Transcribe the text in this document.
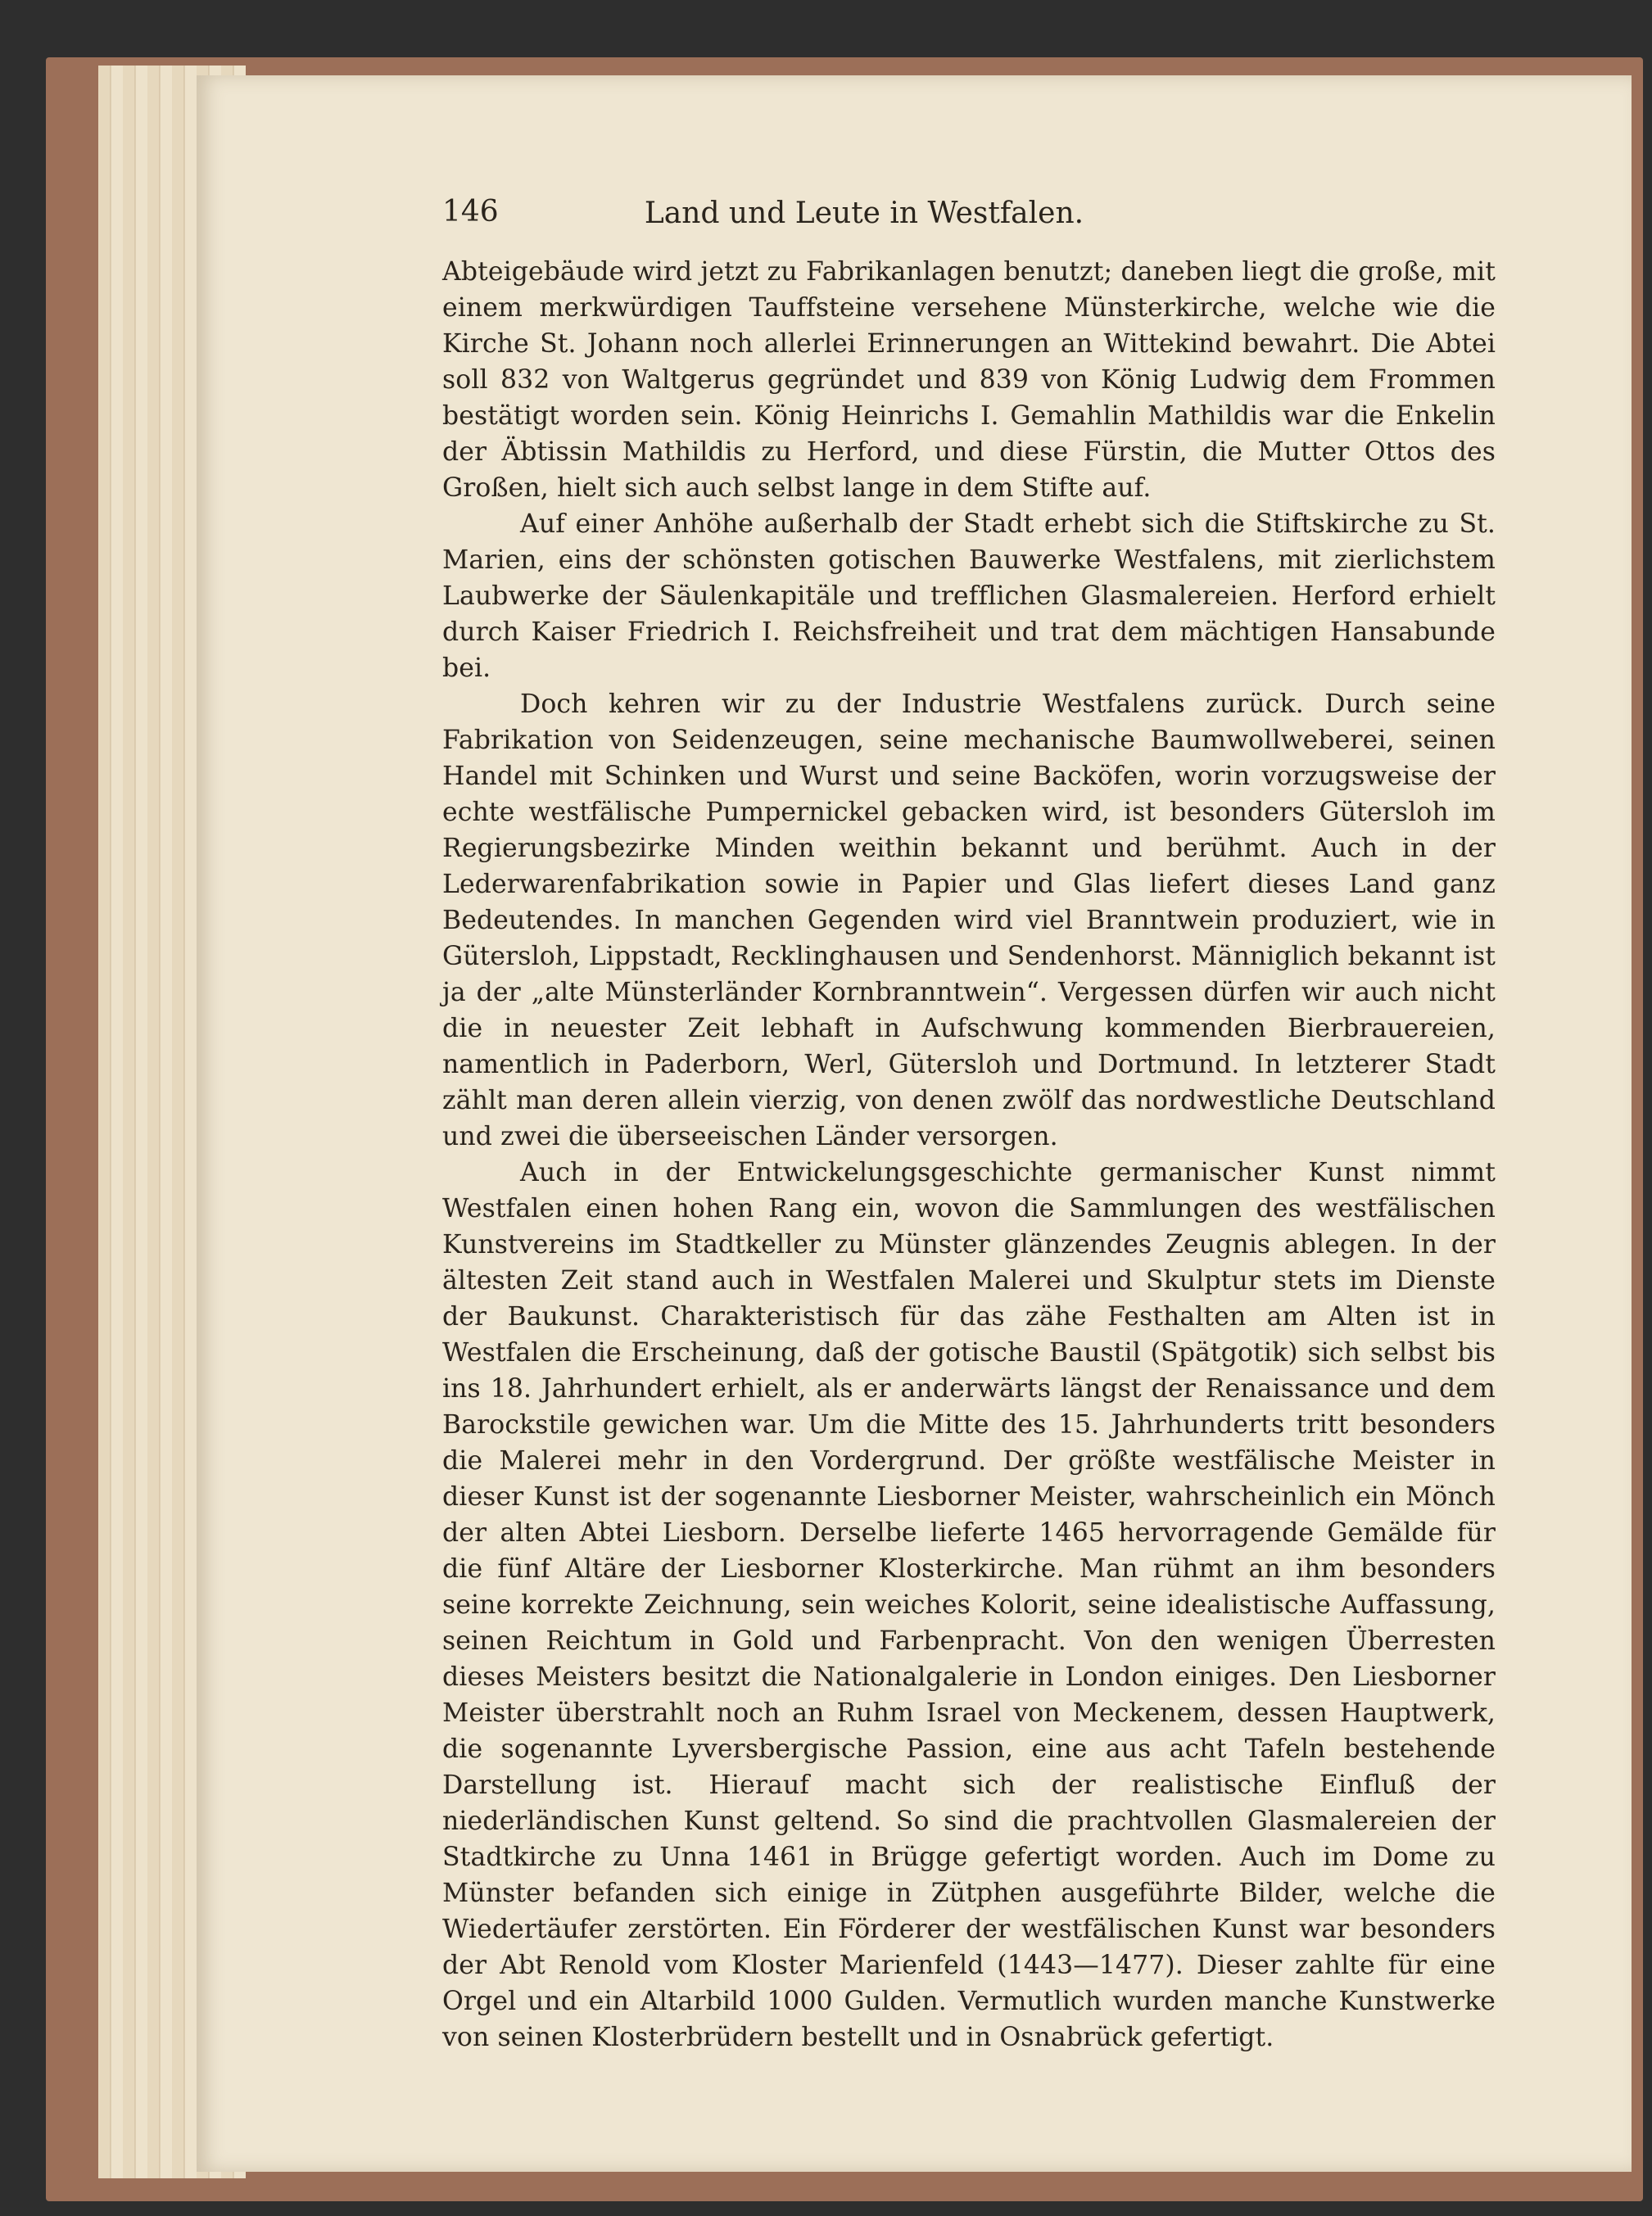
146	Land und Leute in Westfalen.

Abteigebäude wird jetzt zu Fabrikanlagen benutzt; daneben liegt die große, mit einem merkwürdigen Tauffsteine versehene Münsterkirche, welche wie die Kirche St. Johann noch allerlei Erinnerungen an Wittekind bewahrt. Die Abtei soll 832 von Waltgerus gegründet und 839 von König Ludwig dem Frommen bestätigt worden sein. König Heinrichs I. Gemahlin Mathildis war die Enkelin der Äbtissin Mathildis zu Herford, und diese Fürstin, die Mutter Ottos des Großen, hielt sich auch selbst lange in dem Stifte auf.

Auf einer Anhöhe außerhalb der Stadt erhebt sich die Stiftskirche zu St. Marien, eins der schönsten gotischen Bauwerke Westfalens, mit zierlichstem Laubwerke der Säulenkapitäle und trefflichen Glasmalereien. Herford erhielt durch Kaiser Friedrich I. Reichsfreiheit und trat dem mächtigen Hansabunde bei.

Doch kehren wir zu der Industrie Westfalens zurück. Durch seine Fabrikation von Seidenzeugen, seine mechanische Baumwollweberei, seinen Handel mit Schinken und Wurst und seine Backöfen, worin vorzugsweise der echte westfälische Pumpernickel gebacken wird, ist besonders Gütersloh im Regierungsbezirke Minden weithin bekannt und berühmt. Auch in der Lederwarenfabrikation sowie in Papier und Glas liefert dieses Land ganz Bedeutendes. In manchen Gegenden wird viel Branntwein produziert, wie in Gütersloh, Lippstadt, Recklinghausen und Sendenhorst. Männiglich bekannt ist ja der „alte Münsterländer Kornbranntwein“. Vergessen dürfen wir auch nicht die in neuester Zeit lebhaft in Aufschwung kommenden Bierbrauereien, namentlich in Paderborn, Werl, Gütersloh und Dortmund. In letzterer Stadt zählt man deren allein vierzig, von denen zwölf das nordwestliche Deutschland und zwei die überseeischen Länder versorgen.

Auch in der Entwickelungsgeschichte germanischer Kunst nimmt Westfalen einen hohen Rang ein, wovon die Sammlungen des westfälischen Kunstvereins im Stadtkeller zu Münster glänzendes Zeugnis ablegen. In der ältesten Zeit stand auch in Westfalen Malerei und Skulptur stets im Dienste der Baukunst. Charakteristisch für das zähe Festhalten am Alten ist in Westfalen die Erscheinung, daß der gotische Baustil (Spätgotik) sich selbst bis ins 18. Jahrhundert erhielt, als er anderwärts längst der Renaissance und dem Barockstile gewichen war. Um die Mitte des 15. Jahrhunderts tritt besonders die Malerei mehr in den Vordergrund. Der größte westfälische Meister in dieser Kunst ist der sogenannte Liesborner Meister, wahrscheinlich ein Mönch der alten Abtei Liesborn. Derselbe lieferte 1465 hervorragende Gemälde für die fünf Altäre der Liesborner Klosterkirche. Man rühmt an ihm besonders seine korrekte Zeichnung, sein weiches Kolorit, seine idealistische Auffassung, seinen Reichtum in Gold und Farbenpracht. Von den wenigen Überresten dieses Meisters besitzt die Nationalgalerie in London einiges. Den Liesborner Meister überstrahlt noch an Ruhm Israel von Meckenem, dessen Hauptwerk, die sogenannte Lyversbergische Passion, eine aus acht Tafeln bestehende Darstellung ist. Hierauf macht sich der realistische Einfluß der niederländischen Kunst geltend. So sind die prachtvollen Glasmalereien der Stadtkirche zu Unna 1461 in Brügge gefertigt worden. Auch im Dome zu Münster befanden sich einige in Zütphen ausgeführte Bilder, welche die Wiedertäufer zerstörten. Ein Förderer der westfälischen Kunst war besonders der Abt Renold vom Kloster Marienfeld (1443—1477). Dieser zahlte für eine Orgel und ein Altarbild 1000 Gulden. Vermutlich wurden manche Kunstwerke von seinen Klosterbrüdern bestellt und in Osnabrück gefertigt.
